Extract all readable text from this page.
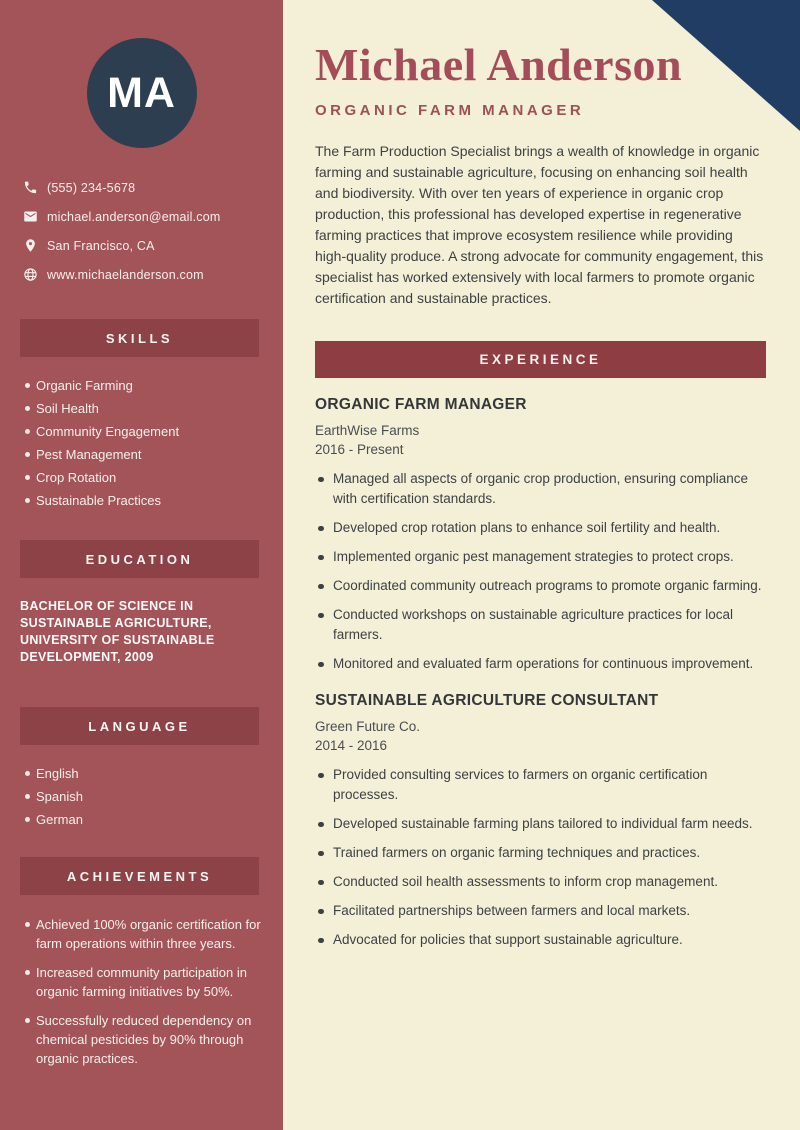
MA
(555) 234-5678
michael.anderson@email.com
San Francisco, CA
www.michaelanderson.com
SKILLS
Organic Farming
Soil Health
Community Engagement
Pest Management
Crop Rotation
Sustainable Practices
EDUCATION
BACHELOR OF SCIENCE IN SUSTAINABLE AGRICULTURE, UNIVERSITY OF SUSTAINABLE DEVELOPMENT, 2009
LANGUAGE
English
Spanish
German
ACHIEVEMENTS
Achieved 100% organic certification for farm operations within three years.
Increased community participation in organic farming initiatives by 50%.
Successfully reduced dependency on chemical pesticides by 90% through organic practices.
Michael Anderson
ORGANIC FARM MANAGER

The Farm Production Specialist brings a wealth of knowledge in organic farming and sustainable agriculture, focusing on enhancing soil health and biodiversity. With over ten years of experience in organic crop production, this professional has developed expertise in regenerative farming practices that improve ecosystem resilience while providing high-quality produce. A strong advocate for community engagement, this specialist has worked extensively with local farmers to promote organic certification and sustainable practices.

EXPERIENCE
ORGANIC FARM MANAGER
EarthWise Farms
2016 - Present
Managed all aspects of organic crop production, ensuring compliance with certification standards.
Developed crop rotation plans to enhance soil fertility and health.
Implemented organic pest management strategies to protect crops.
Coordinated community outreach programs to promote organic farming.
Conducted workshops on sustainable agriculture practices for local farmers.
Monitored and evaluated farm operations for continuous improvement.
SUSTAINABLE AGRICULTURE CONSULTANT
Green Future Co.
2014 - 2016
Provided consulting services to farmers on organic certification processes.
Developed sustainable farming plans tailored to individual farm needs.
Trained farmers on organic farming techniques and practices.
Conducted soil health assessments to inform crop management.
Facilitated partnerships between farmers and local markets.
Advocated for policies that support sustainable agriculture.
